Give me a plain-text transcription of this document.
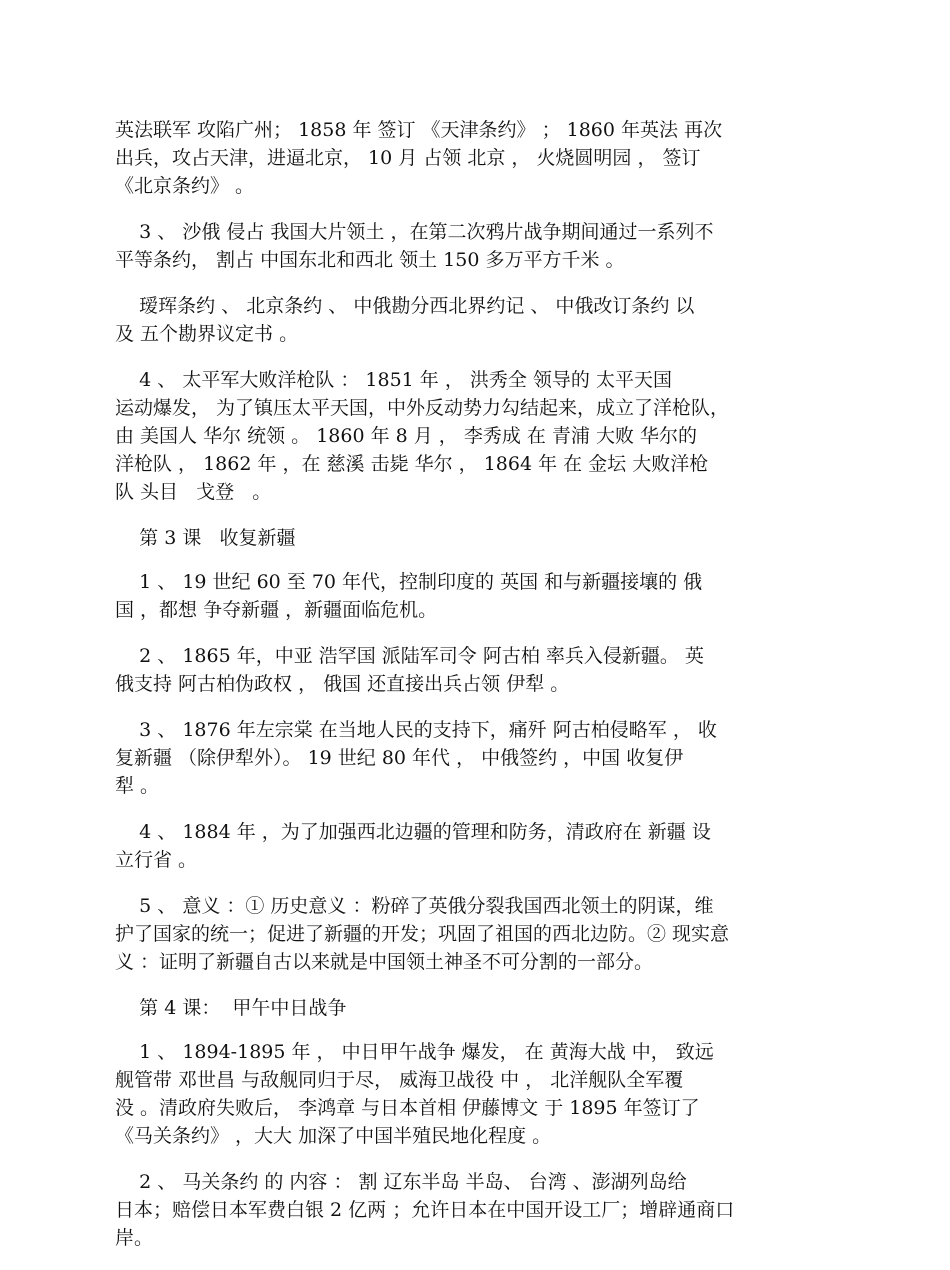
英法联军 攻陷广州； 1858 年 签订 《天津条约》 ； 1860 年英法 再次
出兵，攻占天津，进逼北京， 10 月 占领 北京 ， 火烧圆明园 ， 签订
《北京条约》 。
3 、 沙俄 侵占 我国大片领土 ，在第二次鸦片战争期间通过一系列不
平等条约， 割占 中国东北和西北 领土 150 多万平方千米 。
瑷珲条约 、 北京条约 、 中俄勘分西北界约记 、 中俄改订条约 以
及 五个勘界议定书 。
4 、 太平军大败洋枪队 ： 1851 年 ， 洪秀全 领导的 太平天国
运动爆发， 为了镇压太平天国，中外反动势力勾结起来，成立了洋枪队，
由 美国人 华尔 统领 。 1860 年 8 月 ， 李秀成 在 青浦 大败 华尔的
洋枪队 ， 1862 年 ，在 慈溪 击毙 华尔 ， 1864 年 在 金坛 大败洋枪
队 头目   戈登   。
第 3 课   收复新疆
1 、 19 世纪 60 至 70 年代，控制印度的 英国 和与新疆接壤的 俄
国 ，都想 争夺新疆 ，新疆面临危机。
2 、 1865 年，中亚 浩罕国 派陆军司令 阿古柏 率兵入侵新疆。 英
俄支持 阿古柏伪政权 ， 俄国 还直接出兵占领 伊犁 。
3 、 1876 年左宗棠 在当地人民的支持下，痛歼 阿古柏侵略军 ， 收
复新疆 （除伊犁外）。 19 世纪 80 年代 ， 中俄签约 ，中国 收复伊
犁 。
4 、 1884 年 ，为了加强西北边疆的管理和防务，清政府在 新疆 设
立行省 。
5 、 意义 ：① 历史意义 ：粉碎了英俄分裂我国西北领土的阴谋，维
护了国家的统一；促进了新疆的开发；巩固了祖国的西北边防。② 现实意
义 ：证明了新疆自古以来就是中国领土神圣不可分割的一部分。
第 4 课：  甲午中日战争
1 、 1894-1895 年 ， 中日甲午战争 爆发， 在 黄海大战 中， 致远
舰管带 邓世昌 与敌舰同归于尽， 威海卫战役 中 ， 北洋舰队全军覆
没 。清政府失败后， 李鸿章 与日本首相 伊藤博文 于 1895 年签订了
《马关条约》 ，大大 加深了中国半殖民地化程度 。
2 、 马关条约 的 内容 ： 割 辽东半岛 半岛、 台湾 、澎湖列岛给
日本；赔偿日本军费白银 2 亿两 ；允许日本在中国开设工厂；增辟通商口
岸。
